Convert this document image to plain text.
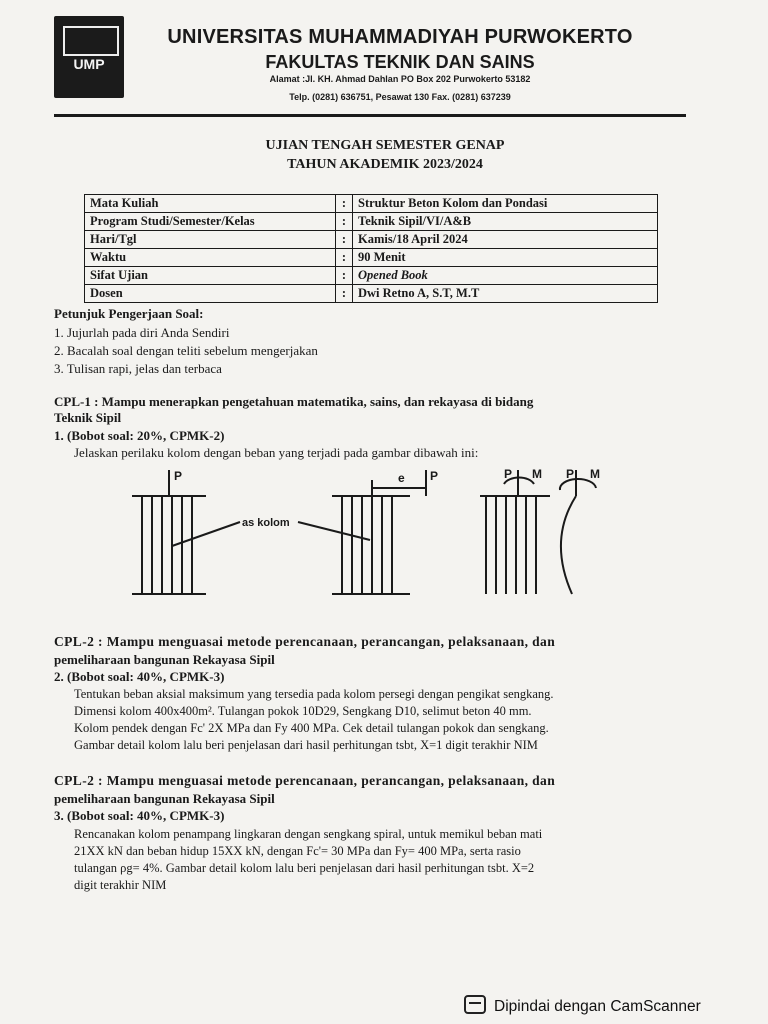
UMP
UNIVERSITAS MUHAMMADIYAH PURWOKERTO
FAKULTAS TEKNIK DAN SAINS
Alamat :Jl. KH. Ahmad Dahlan PO Box 202 Purwokerto 53182
Telp. (0281) 636751, Pesawat 130 Fax. (0281) 637239
UJIAN TENGAH SEMESTER GENAP
TAHUN AKADEMIK 2023/2024
Mata Kuliah	:	Struktur Beton Kolom dan Pondasi
Program Studi/Semester/Kelas	:	Teknik Sipil/VI/A&B
Hari/Tgl	:	Kamis/18 April 2024
Waktu	:	90 Menit
Sifat Ujian	:	Opened Book
Dosen	:	Dwi Retno A, S.T, M.T
Petunjuk Pengerjaan Soal:
1. Jujurlah pada diri Anda Sendiri
2. Bacalah soal dengan teliti sebelum mengerjakan
3. Tulisan rapi, jelas dan terbaca
CPL-1 : Mampu menerapkan pengetahuan matematika, sains, dan rekayasa di bidang
Teknik Sipil
1. (Bobot soal: 20%, CPMK-2)
Jelaskan perilaku kolom dengan beban yang terjadi pada gambar dibawah ini:
P	P
e	P M P M
as kolom
CPL-2 : Mampu menguasai metode perencanaan, perancangan, pelaksanaan, dan
pemeliharaan bangunan Rekayasa Sipil
2. (Bobot soal: 40%, CPMK-3)
Tentukan beban aksial maksimum yang tersedia pada kolom persegi dengan pengikat sengkang.
Dimensi kolom 400x400m². Tulangan pokok 10D29, Sengkang D10, selimut beton 40 mm.
Kolom pendek dengan Fc' 2X MPa dan Fy 400 MPa. Cek detail tulangan pokok dan sengkang.
Gambar detail kolom lalu beri penjelasan dari hasil perhitungan tsbt, X=1 digit terakhir NIM
CPL-2 : Mampu menguasai metode perencanaan, perancangan, pelaksanaan, dan
pemeliharaan bangunan Rekayasa Sipil
3. (Bobot soal: 40%, CPMK-3)
Rencanakan kolom penampang lingkaran dengan sengkang spiral, untuk memikul beban mati
21XX kN dan beban hidup 15XX kN, dengan Fc'= 30 MPa dan Fy= 400 MPa, serta rasio
tulangan ρg= 4%. Gambar detail kolom lalu beri penjelasan dari hasil perhitungan tsbt. X=2
digit terakhir NIM
Dipindai dengan CamScanner
